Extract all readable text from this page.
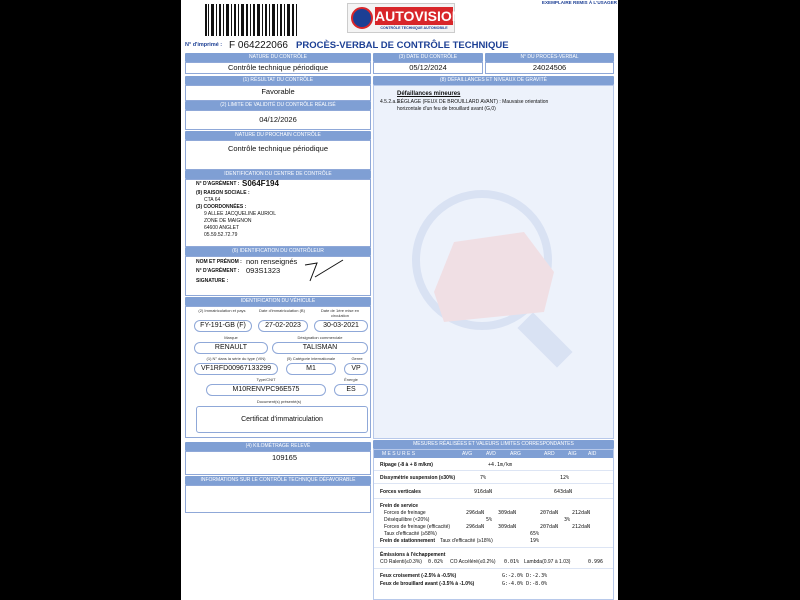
AUTOVISION
CONTRÔLE TECHNIQUE AUTOMOBILE
EXEMPLAIRE REMIS À L'USAGER
N° d'imprimé : F 064222066 PROCÈS-VERBAL DE CONTRÔLE TECHNIQUE
NATURE DU CONTRÔLE
Contrôle technique périodique
(3) DATE DU CONTRÔLE
05/12/2024
N° DU PROCÈS-VERBAL
24024506
(1) RÉSULTAT DU CONTRÔLE
Favorable
(2) LIMITE DE VALIDITÉ DU CONTRÔLE RÉALISÉ
04/12/2026
NATURE DU PROCHAIN CONTRÔLE
Contrôle technique périodique
IDENTIFICATION DU CENTRE DE CONTRÔLE
N° D'AGRÉMENT : S064F194
(9) RAISON SOCIALE :
CTA 64
(3) COORDONNÉES :
9 ALLEE JACQUELINE AURIOL
ZONE DE MAIGNON
64600 ANGLET
05.59.52.72.79
(6) IDENTIFICATION DU CONTRÔLEUR
NOM ET PRÉNOM : non renseignés
N° D'AGRÉMENT : 093S1323
SIGNATURE :
IDENTIFICATION DU VÉHICULE
(2) Immatriculation et pays	Date d'immatriculation (B)	Date de 1ère mise en circulation
FY-191-GB (F)	27-02-2023	30-03-2021
Marque	Désignation commerciale
RENAULT	TALISMAN
(1) N° dans la série du type (VIN)	(5) Catégorie internationale	Genre
VF1RFD00967133299	M1	VP
Type/CNIT	Énergie
M10RENVPC96E575	ES
Document(s) présenté(s)
Certificat d'immatriculation
(4) KILOMÉTRAGE RELEVÉ
109165
INFORMATIONS SUR LE CONTRÔLE TECHNIQUE DÉFAVORABLE
(8) DÉFAILLANCES ET NIVEAUX DE GRAVITÉ
Défaillances mineures
4.5.2.a.1.
RÉGLAGE (FEUX DE BROUILLARD AVANT) : Mauvaise orientation
horizontale d'un feu de brouillard avant (G,0)
MESURES RÉALISÉES ET VALEURS LIMITES CORRESPONDANTES
M E S U R E S	AVG	AVD	ARG	ARD	AIG AID
Ripage (-8 à + 8 m/km)	+4.1m/km
Dissymétrie suspension (≤30%)	7%	12%
Forces verticales	916daN	643daN
Frein de service
Forces de freinage	296daN	309daN	207daN	212daN
Déséquilibre (<20%)	5%	3%
Forces de freinage (efficacité)	296daN	309daN	207daN	212daN
Taux d'efficacité (≥58%)	65%
Frein de stationnement Taux d'efficacité (≥18%)	19%
Émissions à l'échappement
CO Ralenti(≤0.3%) 0.02% CO Accéléré(≤0.2%) 0.01% Lambda(0.97 à 1.03)	0.996
Feux croisement (-2.5% à -0.5%)	G:-2.0% D:-2.3%
Feux de brouillard avant (-3.5% à -1.0%)	G:-4.0% D:-8.0%
